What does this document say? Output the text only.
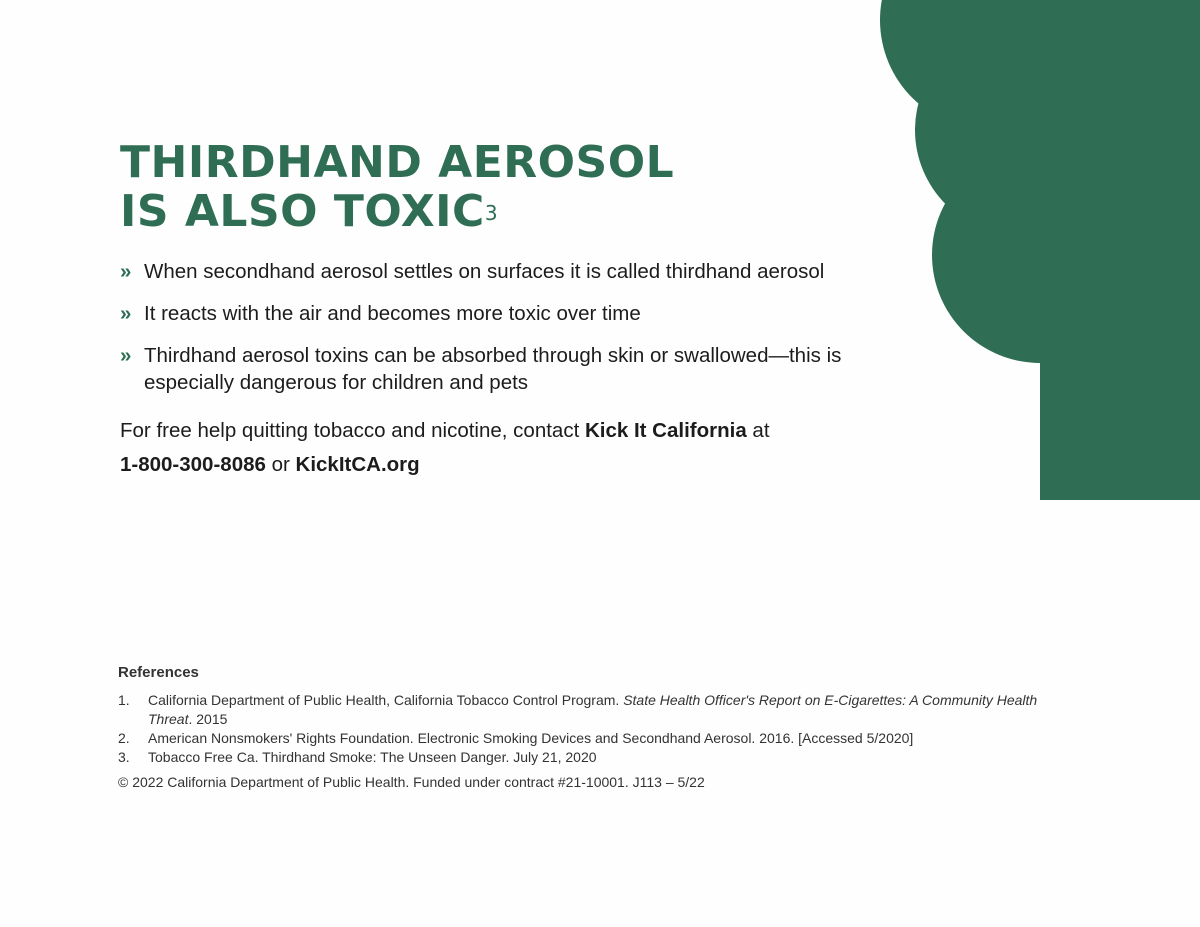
THIRDHAND AEROSOL
IS ALSO TOXIC$^3$
» When secondhand aerosol settles on surfaces it is called thirdhand aerosol
» It reacts with the air and becomes more toxic over time
» Thirdhand aerosol toxins can be absorbed through skin or swallowed—this is especially dangerous for children and pets

For free help quitting tobacco and nicotine, contact Kick It California at
1-800-300-8086 or KickItCA.org

References
1.	California Department of Public Health, California Tobacco Control Program. State Health Officer's Report on E-Cigarettes: A Community Health Threat. 2015
2.	American Nonsmokers' Rights Foundation. Electronic Smoking Devices and Secondhand Aerosol. 2016. [Accessed 5/2020]
3.	Tobacco Free Ca. Thirdhand Smoke: The Unseen Danger. July 21, 2020
© 2022 California Department of Public Health. Funded under contract #21-10001. J113 – 5/22
